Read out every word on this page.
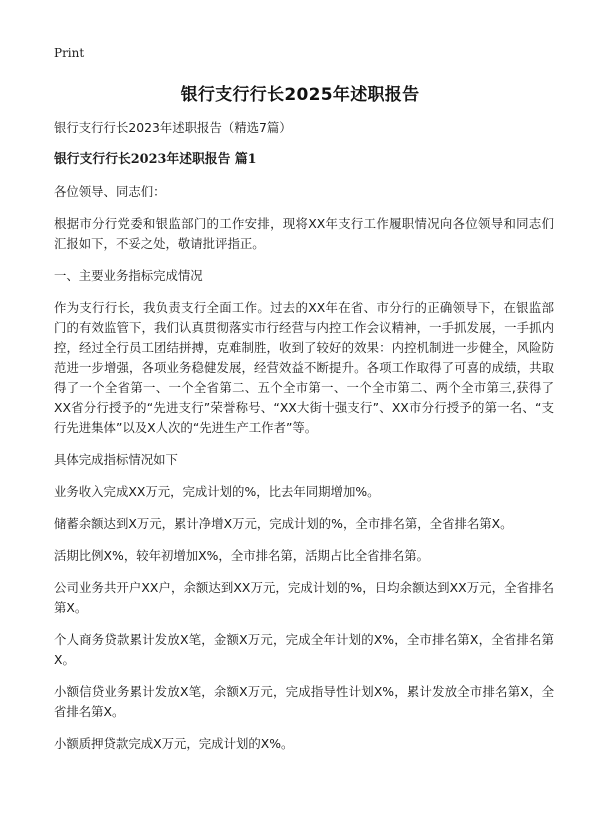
Print
银行支行行长2025年述职报告

银行支行行长2023年述职报告（精选7篇）

银行支行行长2023年述职报告 篇1

各位领导、同志们：

根据市分行党委和银监部门的工作安排，现将XX年支行工作履职情况向各位领导和同志们汇报如下，不妥之处，敬请批评指正。

一、主要业务指标完成情况

作为支行行长，我负责支行全面工作。过去的XX年在省、市分行的正确领导下，在银监部门的有效监管下，我们认真贯彻落实市行经营与内控工作会议精神，一手抓发展，一手抓内控，经过全行员工团结拼搏，克难制胜，收到了较好的效果：内控机制进一步健全，风险防范进一步增强，各项业务稳健发展，经营效益不断提升。各项工作取得了可喜的成绩，共取得了一个全省第一、一个全省第二、五个全市第一、一个全市第二、两个全市第三,获得了XX省分行授予的“先进支行”荣誉称号、“XX大街十强支行”、XX市分行授予的第一名、“支行先进集体”以及X人次的“先进生产工作者”等。

具体完成指标情况如下

业务收入完成XX万元，完成计划的%，比去年同期增加%。

储蓄余额达到X万元，累计净增X万元，完成计划的%，全市排名第，全省排名第X。

活期比例X%，较年初增加X%，全市排名第，活期占比全省排名第。

公司业务共开户XX户，余额达到XX万元，完成计划的%，日均余额达到XX万元，全省排名第X。

个人商务贷款累计发放X笔，金额X万元，完成全年计划的X%，全市排名第X，全省排名第X。

小额信贷业务累计发放X笔，余额X万元，完成指导性计划X%，累计发放全市排名第X，全省排名第X。

小额质押贷款完成X万元，完成计划的X%。
